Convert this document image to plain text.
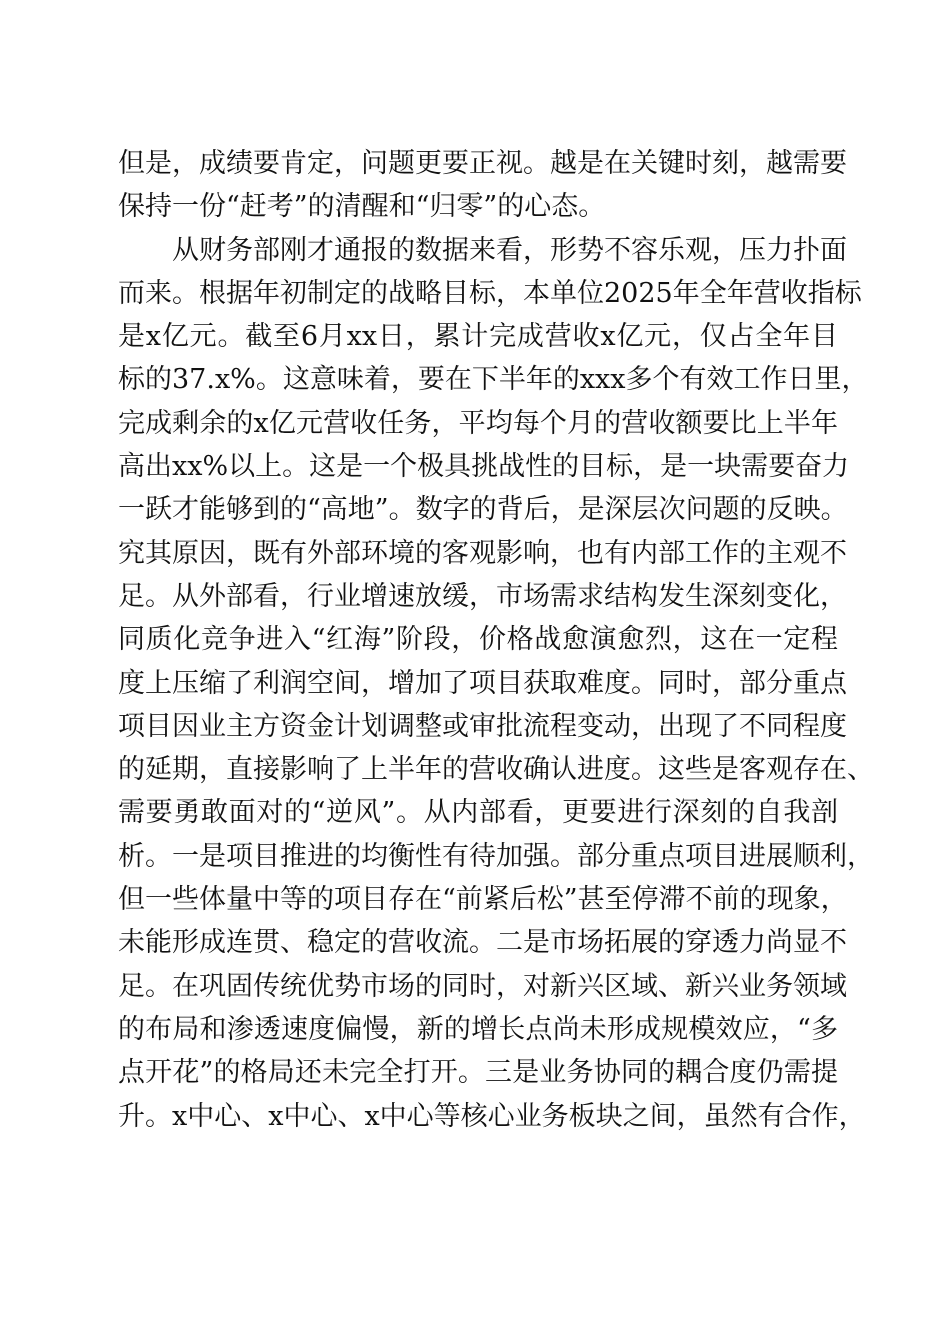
但是，成绩要肯定，问题更要正视。越是在关键时刻，越需要
保持一份“赶考”的清醒和“归零”的心态。
从财务部刚才通报的数据来看，形势不容乐观，压力扑面
而来。根据年初制定的战略目标，本单位2025年全年营收指标
是x亿元。截至6月xx日，累计完成营收x亿元，仅占全年目
标的37.x%。这意味着，要在下半年的xxx多个有效工作日里，
完成剩余的x亿元营收任务，平均每个月的营收额要比上半年
高出xx%以上。这是一个极具挑战性的目标，是一块需要奋力
一跃才能够到的“高地”。数字的背后，是深层次问题的反映。
究其原因，既有外部环境的客观影响，也有内部工作的主观不
足。从外部看，行业增速放缓，市场需求结构发生深刻变化，
同质化竞争进入“红海”阶段，价格战愈演愈烈，这在一定程
度上压缩了利润空间，增加了项目获取难度。同时，部分重点
项目因业主方资金计划调整或审批流程变动，出现了不同程度
的延期，直接影响了上半年的营收确认进度。这些是客观存在、
需要勇敢面对的“逆风”。从内部看，更要进行深刻的自我剖
析。一是项目推进的均衡性有待加强。部分重点项目进展顺利，
但一些体量中等的项目存在“前紧后松”甚至停滞不前的现象，
未能形成连贯、稳定的营收流。二是市场拓展的穿透力尚显不
足。在巩固传统优势市场的同时，对新兴区域、新兴业务领域
的布局和渗透速度偏慢，新的增长点尚未形成规模效应，“多
点开花”的格局还未完全打开。三是业务协同的耦合度仍需提
升。x中心、x中心、x中心等核心业务板块之间，虽然有合作，
